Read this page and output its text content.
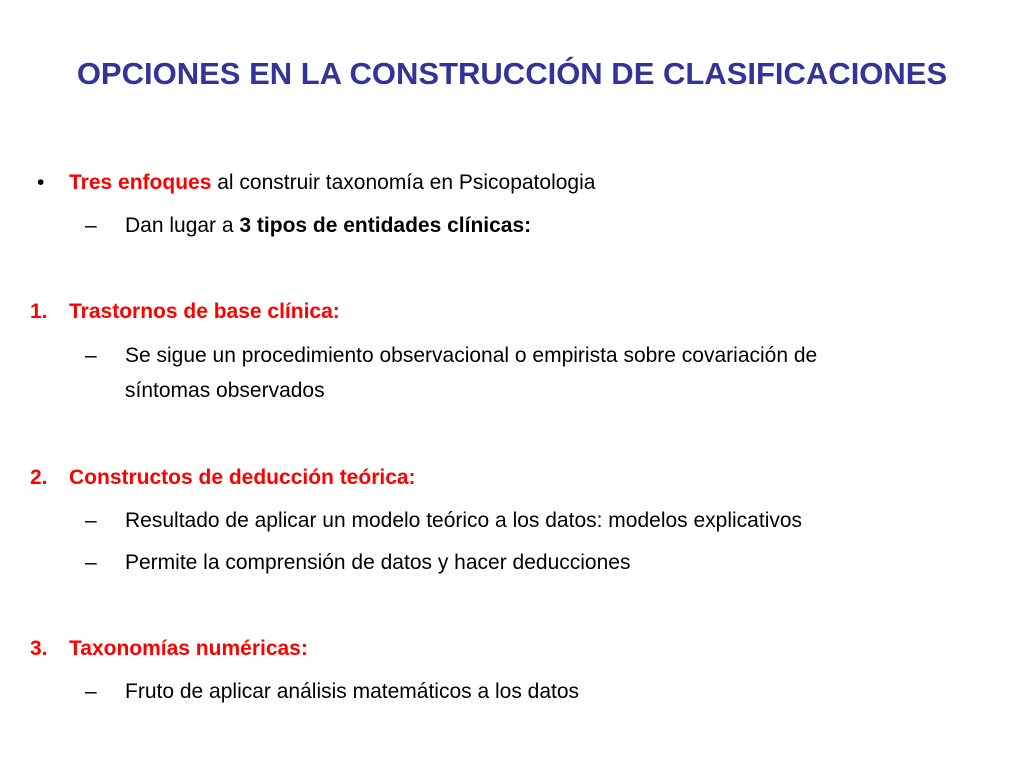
OPCIONES EN LA CONSTRUCCIÓN DE CLASIFICACIONES
• Tres enfoques al construir taxonomía en Psicopatologia
– Dan lugar a 3 tipos de entidades clínicas:
1. Trastornos de base clínica:
– Se sigue un procedimiento observacional o empirista sobre covariación de
síntomas observados
2. Constructos de deducción teórica:
– Resultado de aplicar un modelo teórico a los datos: modelos explicativos
– Permite la comprensión de datos y hacer deducciones
3. Taxonomías numéricas:
– Fruto de aplicar análisis matemáticos a los datos
